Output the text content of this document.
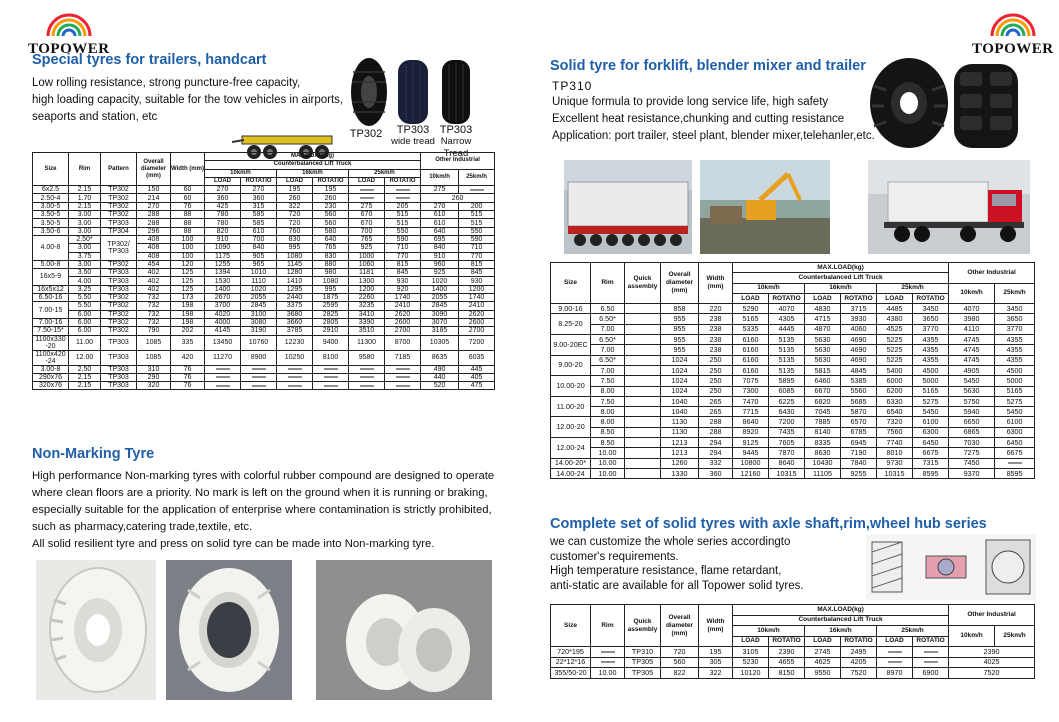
TOPOWER	TOPOWER
Special tyres for trailers, handcart
Low rolling resistance, strong puncture-free capacity,
high loading capacity, suitable for the tow vehicles in airports,
seaports and station, etc
TP302	TP303
wide tread
TP303
Narrow Tread
Size	Rim	Pattern	Overall diameter (mm)	Width (mm)	MAX.LOAD(kg)						Other Industrial	
					Counterbalanced Lift Truck							
					10km/h		16km/h		25km/h		10km/h	25km/h
					LOAD	ROTATIO	LOAD	ROTATIO	LOAD	ROTATIO		
6x2.5	2.15	TP302	150	60	270	270	195	195			275	

2.50-4	1.70	TP302	214	60	360	360	260	260			260	
3.00-5	2.15	TP302	270	76	425	315	322	230	275	205	270	200
3.50-5	3.00	TP302	288	88	780	585	720	560	670	515	610	515
3.50-5	3.00	TP303	288	88	780	585	720	560	670	515	610	515
3.50-6	3.00	TP304	296	88	820	610	760	580	700	550	640	550
4.00-8	2.50*	TP302/ TP303	408	100	910	700	830	640	765	590	695	590
	3.00		408	100	1090	840	995	765	925	710	840	710
	3.75		408	100	1175	905	1080	830	1000	770	910	770
5.00-8	3.00	TP302	454	120	1255	965	1145	880	1060	815	960	815
16x5-9	3.50	TP303	402	125	1394	1010	1280	980	1181	845	925	845
	4.00	TP303	402	125	1530	1110	1410	1080	1300	930	1020	930
16x5x12	3.25	TP303	402	125	1400	1020	1295	995	1200	920	1400	1200
6.50-16	5.50	TP302	732	173	2670	2055	2440	1875	2260	1740	2055	1740
7.00-15	5.50	TP302	732	198	3700	2845	3375	2595	3235	2410	2845	2410
	6.00	TP302	732	198	4020	3100	3680	2825	3410	2620	3090	2620
7.00-16	6.00	TP302	732	198	4000	3080	3660	2805	3390	2600	3070	2600
7.50-15*	6.00	TP302	790	202	4145	3190	3785	2910	3510	2700	3185	2700
1100x330 -20	11.00	TP303	1085	335	13450	10760	12230	9400	11300	8700	10305	7200
1100x420 -24	12.00	TP303	1085	420	11270	8900	10250	8100	9580	7185	8635	6035
3.00-8	2.50	TP303	310	76							490	445
290x76	2.15	TP303	290	76							440	405
320x76	2.15	TP303	320	76							520	475
Non-Marking Tyre
High performance Non-marking tyres with colorful rubber compound are designed to operate
where clean floors are a priority. No mark is left on the ground when it is running or braking,
especially suitable for the application of enterprise where contamination is strictly prohibited,
such as pharmacy,catering trade,textile, etc.
All solid resilient tyre and press on solid tyre can be made into Non-marking tyre.
Solid tyre for forklift, blender mixer and trailer
TP310
Unique formula to provide long service life, high safety
Excellent heat resistance,chunking and cutting resistance
Application: port trailer, steel plant, blender mixer,telehanler,etc.
Size	Rim	Quick assembly	Overall diameter (mm)	Width (mm)	MAX.LOAD(kg)						Other Industrial	
					Counterbalanced Lift Truck							
					10km/h		16km/h		25km/h		10km/h	25km/h
					LOAD	ROTATIO	LOAD	ROTATIO	LOAD	ROTATIO		
9.00-16	6.50		858	220	5290	4070	4830	3715	4485	3450	4070	3450
8.25-20	6.50*		955	238	5165	4305	4715	3930	4380	3650	3980	3650
	7.00		955	238	5335	4445	4870	4060	4525	3770	4110	3770
9.00-20EC	6.50*		955	238	6160	5135	5630	4690	5225	4355	4745	4355
	7.00		955	238	6160	5135	5630	4690	5225	4355	4745	4355
9.00-20	6.50*		1024	250	6160	5135	5630	4690	5225	4355	4745	4355
	7.00		1024	250	6160	5135	5815	4845	5400	4500	4905	4500
10.00-20	7.50		1024	250	7075	5895	6460	5385	6000	5000	5450	5000
	8.00		1024	250	7300	6085	6670	5560	6200	5165	5630	5165
11.00-20	7.50		1040	265	7470	6225	6820	5685	6330	5275	5750	5275
	8.00		1040	265	7715	6430	7045	5870	6540	5450	5940	5450
12.00-20	8.00		1130	288	8640	7200	7885	6570	7320	6100	6650	6100
	8.50		1130	288	8920	7435	8140	6785	7560	6300	6865	6300
12.00-24	8.50		1213	294	9125	7605	8335	6945	7740	6450	7030	6450
	10.00		1213	294	9445	7870	8630	7190	8010	6675	7275	6675
14.00-20*	10.00		1260	332	10800	8640	10430	7840	9730	7315	7450	

14.00-24	10.00		1330	360	12160	10315	11105	9255	10315	8595	9370	8595
Complete set of solid tyres with axle shaft,rim,wheel hub series
we can customize the whole series accordingto
customer's requirements.
High temperature resistance, flame retardant,
anti-static are available for all Topower solid tyres.
Size	Rim	Quick assembly	Overall diameter (mm)	Width (mm)	MAX.LOAD(kg)						Other Industrial	
					Counterbalanced Lift Truck							
					10km/h		16km/h		25km/h		10km/h	25km/h
					LOAD	ROTATIO	LOAD	ROTATIO	LOAD	ROTATIO		
720*195		TP310	720	195	3105	2390	2745	2495			2390	
22*12*16		TP305	560	305	5230	4655	4625	4205			4025	
355/50-20	10.00	TP305	822	322	10120	8150	9550	7520	8970	6900	7520	
